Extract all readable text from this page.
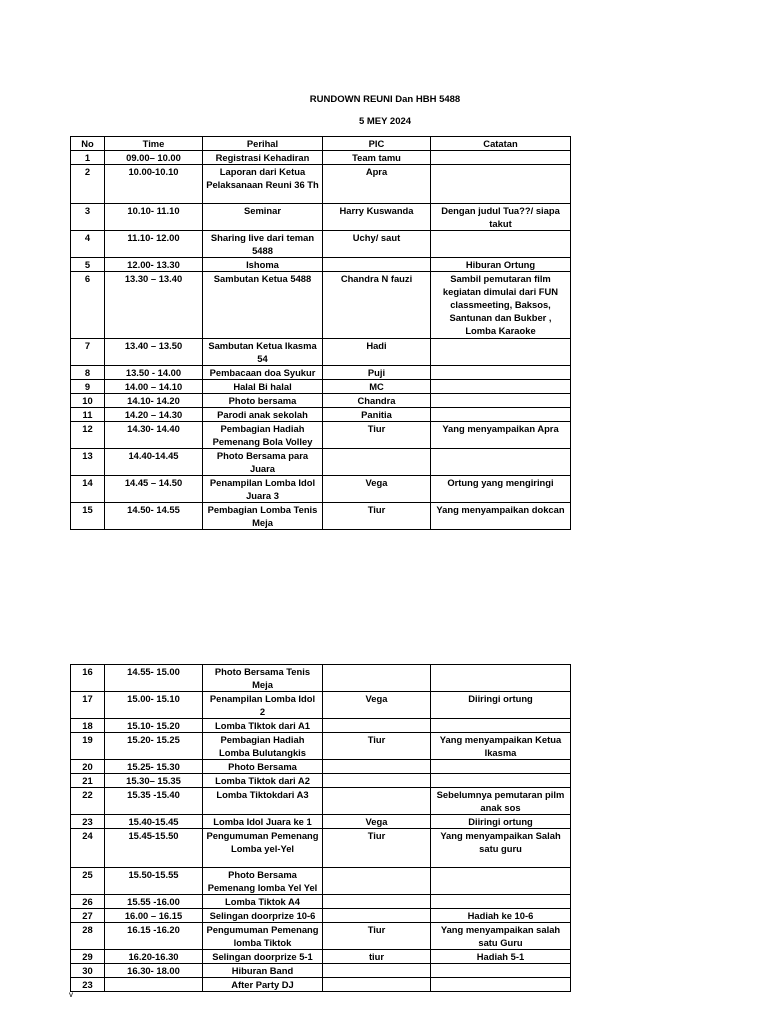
RUNDOWN REUNI Dan HBH 5488
5 MEY 2024
No	Time	Perihal	PIC	Catatan
1	09.00– 10.00	Registrasi Kehadiran	Team tamu	
2	10.00-10.10	Laporan dari Ketua Pelaksanaan Reuni 36 Th	Apra	
3	10.10- 11.10	Seminar	Harry Kuswanda	Dengan judul Tua??/ siapa takut
4	11.10- 12.00	Sharing live dari teman 5488	Uchy/ saut	
5	12.00- 13.30	Ishoma		Hiburan Ortung
6	13.30 – 13.40	Sambutan Ketua 5488	Chandra N fauzi	Sambil pemutaran film kegiatan dimulai dari FUN classmeeting, Baksos, Santunan dan Bukber , Lomba Karaoke
7	13.40 – 13.50	Sambutan Ketua Ikasma 54	Hadi	
8	13.50 - 14.00	Pembacaan doa Syukur	Puji	
9	14.00 – 14.10	Halal Bi halal	MC	
10	14.10- 14.20	Photo bersama	Chandra	
11	14.20 – 14.30	Parodi anak sekolah	Panitia	
12	14.30- 14.40	Pembagian Hadiah Pemenang Bola Volley	Tiur	Yang menyampaikan Apra
13	14.40-14.45	Photo Bersama para Juara		
14	14.45 – 14.50	Penampilan Lomba Idol Juara 3	Vega	Ortung yang mengiringi
15	14.50- 14.55	Pembagian Lomba Tenis Meja	Tiur	Yang menyampaikan dokcan
16	14.55- 15.00	Photo Bersama Tenis Meja		
17	15.00- 15.10	Penampilan Lomba Idol 2	Vega	Diiringi ortung
18	15.10- 15.20	Lomba TIktok dari A1		
19	15.20- 15.25	Pembagian Hadiah Lomba Bulutangkis	Tiur	Yang menyampaikan Ketua Ikasma
20	15.25- 15.30	Photo Bersama		
21	15.30– 15.35	Lomba Tiktok dari A2		
22	15.35 -15.40	Lomba Tiktokdari A3		Sebelumnya pemutaran pilm anak sos
23	15.40-15.45	Lomba Idol Juara ke 1	Vega	Diiringi ortung
24	15.45-15.50	Pengumuman Pemenang Lomba yel-Yel	Tiur	Yang menyampaikan Salah satu guru
25	15.50-15.55	Photo Bersama Pemenang lomba Yel Yel		
26	15.55 -16.00	Lomba Tiktok A4		
27	16.00 – 16.15	Selingan doorprize 10-6		Hadiah ke 10-6
28	16.15 -16.20	Pengumuman Pemenang lomba Tiktok	Tiur	Yang menyampaikan salah satu Guru
29	16.20-16.30	Selingan doorprize 5-1	tiur	Hadiah 5-1
30	16.30- 18.00	Hiburan Band		
23		After Party DJ		
v
